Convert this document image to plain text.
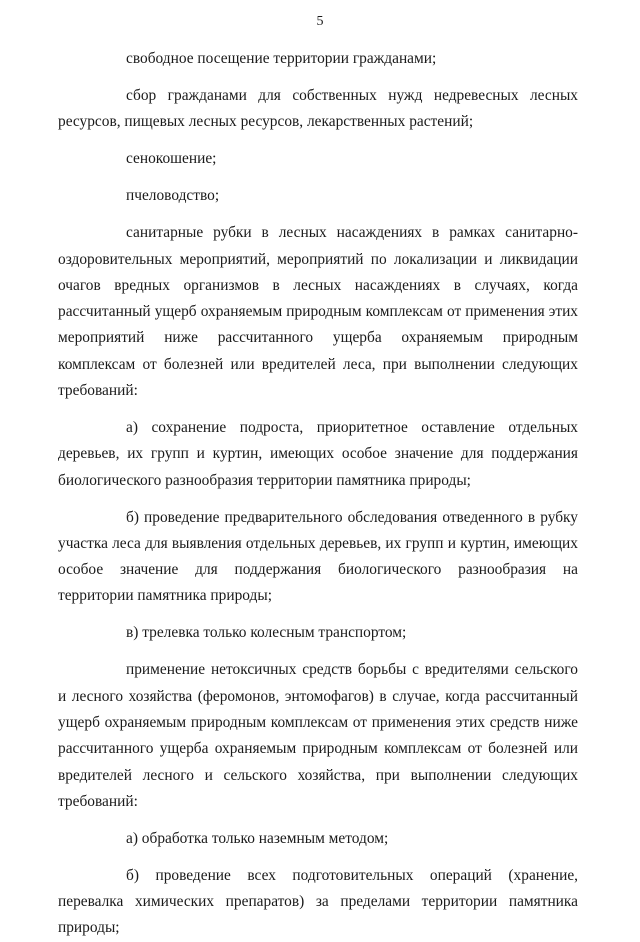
5

свободное посещение территории гражданами;

сбор гражданами для собственных нужд недревесных лесных ресурсов, пищевых лесных ресурсов, лекарственных растений;

сенокошение;

пчеловодство;

санитарные рубки в лесных насаждениях в рамках санитарно-оздоровительных мероприятий, мероприятий по локализации и ликвидации очагов вредных организмов в лесных насаждениях в случаях, когда рассчитанный ущерб охраняемым природным комплексам от применения этих мероприятий ниже рассчитанного ущерба охраняемым природным комплексам от болезней или вредителей леса, при выполнении следующих требований:

а) сохранение подроста, приоритетное оставление отдельных деревьев, их групп и куртин, имеющих особое значение для поддержания биологического разнообразия территории памятника природы;

б) проведение предварительного обследования отведенного в рубку участка леса для выявления отдельных деревьев, их групп и куртин, имеющих особое значение для поддержания биологического разнообразия на территории памятника природы;

в) трелевка только колесным транспортом;

применение нетоксичных средств борьбы с вредителями сельского и лесного хозяйства (феромонов, энтомофагов) в случае, когда рассчитанный ущерб охраняемым природным комплексам от применения этих средств ниже рассчитанного ущерба охраняемым природным комплексам от болезней или вредителей лесного и сельского хозяйства, при выполнении следующих требований:

а) обработка только наземным методом;

б) проведение всех подготовительных операций (хранение, перевалка химических препаратов) за пределами территории памятника природы;
